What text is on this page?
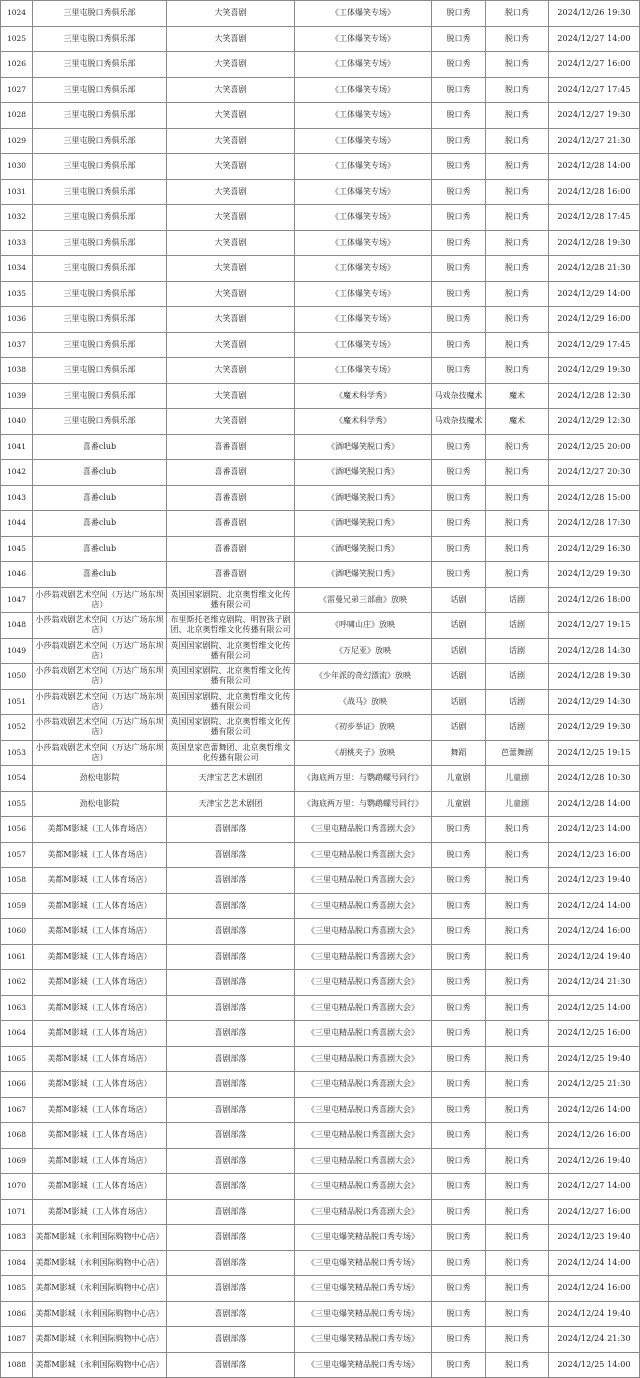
1024	三里屯脱口秀俱乐部	大笑喜剧	《工体爆笑专场》	脱口秀	脱口秀	2024/12/26 19:30
1025	三里屯脱口秀俱乐部	大笑喜剧	《工体爆笑专场》	脱口秀	脱口秀	2024/12/27 14:00
1026	三里屯脱口秀俱乐部	大笑喜剧	《工体爆笑专场》	脱口秀	脱口秀	2024/12/27 16:00
1027	三里屯脱口秀俱乐部	大笑喜剧	《工体爆笑专场》	脱口秀	脱口秀	2024/12/27 17:45
1028	三里屯脱口秀俱乐部	大笑喜剧	《工体爆笑专场》	脱口秀	脱口秀	2024/12/27 19:30
1029	三里屯脱口秀俱乐部	大笑喜剧	《工体爆笑专场》	脱口秀	脱口秀	2024/12/27 21:30
1030	三里屯脱口秀俱乐部	大笑喜剧	《工体爆笑专场》	脱口秀	脱口秀	2024/12/28 14:00
1031	三里屯脱口秀俱乐部	大笑喜剧	《工体爆笑专场》	脱口秀	脱口秀	2024/12/28 16:00
1032	三里屯脱口秀俱乐部	大笑喜剧	《工体爆笑专场》	脱口秀	脱口秀	2024/12/28 17:45
1033	三里屯脱口秀俱乐部	大笑喜剧	《工体爆笑专场》	脱口秀	脱口秀	2024/12/28 19:30
1034	三里屯脱口秀俱乐部	大笑喜剧	《工体爆笑专场》	脱口秀	脱口秀	2024/12/28 21:30
1035	三里屯脱口秀俱乐部	大笑喜剧	《工体爆笑专场》	脱口秀	脱口秀	2024/12/29 14:00
1036	三里屯脱口秀俱乐部	大笑喜剧	《工体爆笑专场》	脱口秀	脱口秀	2024/12/29 16:00
1037	三里屯脱口秀俱乐部	大笑喜剧	《工体爆笑专场》	脱口秀	脱口秀	2024/12/29 17:45
1038	三里屯脱口秀俱乐部	大笑喜剧	《工体爆笑专场》	脱口秀	脱口秀	2024/12/29 19:30
1039	三里屯脱口秀俱乐部	大笑喜剧	《魔术科学秀》	马戏杂技魔术	魔术	2024/12/28 12:30
1040	三里屯脱口秀俱乐部	大笑喜剧	《魔术科学秀》	马戏杂技魔术	魔术	2024/12/29 12:30
1041	喜番club	喜番喜剧	《酒吧爆笑脱口秀》	脱口秀	脱口秀	2024/12/25 20:00
1042	喜番club	喜番喜剧	《酒吧爆笑脱口秀》	脱口秀	脱口秀	2024/12/27 20:30
1043	喜番club	喜番喜剧	《酒吧爆笑脱口秀》	脱口秀	脱口秀	2024/12/28 15:00
1044	喜番club	喜番喜剧	《酒吧爆笑脱口秀》	脱口秀	脱口秀	2024/12/28 17:30
1045	喜番club	喜番喜剧	《酒吧爆笑脱口秀》	脱口秀	脱口秀	2024/12/29 16:30
1046	喜番club	喜番喜剧	《酒吧爆笑脱口秀》	脱口秀	脱口秀	2024/12/29 19:30
1047	小莎翁戏剧艺术空间（万达广场东坝店）	英国国家剧院、北京奥哲维文化传播有限公司	《雷曼兄弟三部曲》放映	话剧	话剧	2024/12/26 18:00
1048	小莎翁戏剧艺术空间（万达广场东坝店）	布里斯托老维克剧院、明智孩子剧团、北京奥哲维文化传播有限公司	《呼啸山庄》放映	话剧	话剧	2024/12/27 19:15
1049	小莎翁戏剧艺术空间（万达广场东坝店）	英国国家剧院、北京奥哲维文化传播有限公司	《万尼亚》放映	话剧	话剧	2024/12/28 14:30
1050	小莎翁戏剧艺术空间（万达广场东坝店）	英国国家剧院、北京奥哲维文化传播有限公司	《少年派的奇幻漂流》放映	话剧	话剧	2024/12/28 19:30
1051	小莎翁戏剧艺术空间（万达广场东坝店）	英国国家剧院、北京奥哲维文化传播有限公司	《战马》放映	话剧	话剧	2024/12/29 14:30
1052	小莎翁戏剧艺术空间（万达广场东坝店）	英国国家剧院、北京奥哲维文化传播有限公司	《初步举证》放映	话剧	话剧	2024/12/29 19:30
1053	小莎翁戏剧艺术空间（万达广场东坝店）	英国皇家芭蕾舞团、北京奥哲维文化传播有限公司	《胡桃夹子》放映	舞蹈	芭蕾舞剧	2024/12/25 19:15
1054	劲松电影院	天津宝艺艺术剧团	《海底两万里：与鹦鹉螺号同行》	儿童剧	儿童剧	2024/12/28 10:30
1055	劲松电影院	天津宝艺艺术剧团	《海底两万里：与鹦鹉螺号同行》	儿童剧	儿童剧	2024/12/28 14:00
1056	美都M影城（工人体育场店）	喜剧部落	《三里屯精品脱口秀喜剧大会》	脱口秀	脱口秀	2024/12/23 14:00
1057	美都M影城（工人体育场店）	喜剧部落	《三里屯精品脱口秀喜剧大会》	脱口秀	脱口秀	2024/12/23 16:00
1058	美都M影城（工人体育场店）	喜剧部落	《三里屯精品脱口秀喜剧大会》	脱口秀	脱口秀	2024/12/23 19:40
1059	美都M影城（工人体育场店）	喜剧部落	《三里屯精品脱口秀喜剧大会》	脱口秀	脱口秀	2024/12/24 14:00
1060	美都M影城（工人体育场店）	喜剧部落	《三里屯精品脱口秀喜剧大会》	脱口秀	脱口秀	2024/12/24 16:00
1061	美都M影城（工人体育场店）	喜剧部落	《三里屯精品脱口秀喜剧大会》	脱口秀	脱口秀	2024/12/24 19:40
1062	美都M影城（工人体育场店）	喜剧部落	《三里屯精品脱口秀喜剧大会》	脱口秀	脱口秀	2024/12/24 21:30
1063	美都M影城（工人体育场店）	喜剧部落	《三里屯精品脱口秀喜剧大会》	脱口秀	脱口秀	2024/12/25 14:00
1064	美都M影城（工人体育场店）	喜剧部落	《三里屯精品脱口秀喜剧大会》	脱口秀	脱口秀	2024/12/25 16:00
1065	美都M影城（工人体育场店）	喜剧部落	《三里屯精品脱口秀喜剧大会》	脱口秀	脱口秀	2024/12/25 19:40
1066	美都M影城（工人体育场店）	喜剧部落	《三里屯精品脱口秀喜剧大会》	脱口秀	脱口秀	2024/12/25 21:30
1067	美都M影城（工人体育场店）	喜剧部落	《三里屯精品脱口秀喜剧大会》	脱口秀	脱口秀	2024/12/26 14:00
1068	美都M影城（工人体育场店）	喜剧部落	《三里屯精品脱口秀喜剧大会》	脱口秀	脱口秀	2024/12/26 16:00
1069	美都M影城（工人体育场店）	喜剧部落	《三里屯精品脱口秀喜剧大会》	脱口秀	脱口秀	2024/12/26 19:40
1070	美都M影城（工人体育场店）	喜剧部落	《三里屯精品脱口秀喜剧大会》	脱口秀	脱口秀	2024/12/27 14:00
1071	美都M影城（工人体育场店）	喜剧部落	《三里屯精品脱口秀喜剧大会》	脱口秀	脱口秀	2024/12/27 16:00
1083	美都M影城（永利国际购物中心店）	喜剧部落	《三里屯爆笑精品脱口秀专场》	脱口秀	脱口秀	2024/12/23 19:40
1084	美都M影城（永利国际购物中心店）	喜剧部落	《三里屯爆笑精品脱口秀专场》	脱口秀	脱口秀	2024/12/24 14:00
1085	美都M影城（永利国际购物中心店）	喜剧部落	《三里屯爆笑精品脱口秀专场》	脱口秀	脱口秀	2024/12/24 16:00
1086	美都M影城（永利国际购物中心店）	喜剧部落	《三里屯爆笑精品脱口秀专场》	脱口秀	脱口秀	2024/12/24 19:40
1087	美都M影城（永利国际购物中心店）	喜剧部落	《三里屯爆笑精品脱口秀专场》	脱口秀	脱口秀	2024/12/24 21:30
1088	美都M影城（永利国际购物中心店）	喜剧部落	《三里屯爆笑精品脱口秀专场》	脱口秀	脱口秀	2024/12/25 14:00
